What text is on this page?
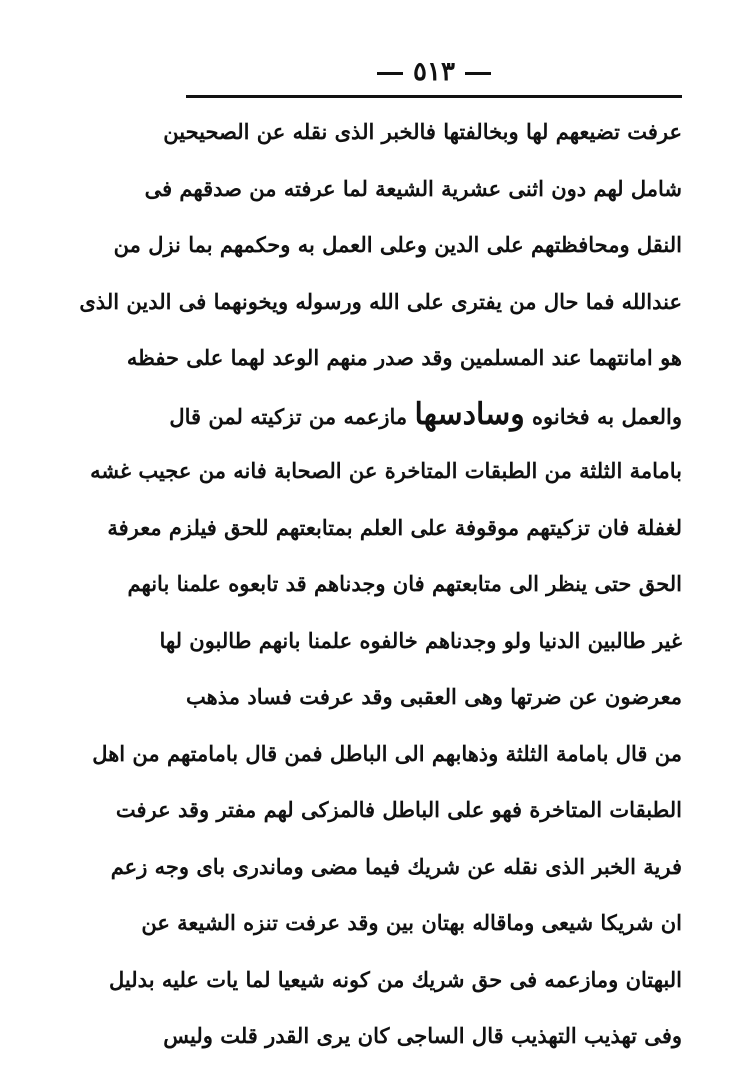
٥١٣
عرفت تضيعهم لها وبخالفتها فالخبر الذى نقله عن الصحيحين
شامل لهم دون اثنى عشرية الشيعة لما عرفته من صدقهم فى
النقل ومحافظتهم على الدين وعلى العمل به وحكمهم بما نزل من
عندالله فما حال من يفترى على الله ورسوله ويخونهما فى الدين الذى
هو امانتهما عند المسلمين وقد صدر منهم الوعد لهما على حفظه
والعمل به فخانوه وسادسها مازعمه من تزكيته لمن قال
بامامة الثلثة من الطبقات المتاخرة عن الصحابة فانه من عجيب غشه
لغفلة فان تزكيتهم موقوفة على العلم بمتابعتهم للحق فيلزم معرفة
الحق حتى ينظر الى متابعتهم فان وجدناهم قد تابعوه علمنا بانهم
غير طالبين الدنيا ولو وجدناهم خالفوه علمنا بانهم طالبون لها
معرضون عن ضرتها وهى العقبى وقد عرفت فساد مذهب
من قال بامامة الثلثة وذهابهم الى الباطل فمن قال بامامتهم من اهل
الطبقات المتاخرة فهو على الباطل فالمزكى لهم مفتر وقد عرفت
فرية الخبر الذى نقله عن شريك فيما مضى وماندرى باى وجه زعم
ان شريكا شيعى وماقاله بهتان بين وقد عرفت تنزه الشيعة عن
البهتان ومازعمه فى حق شريك من كونه شيعيا لما يات عليه بدليل
وفى تهذيب التهذيب قال الساجى كان يرى القدر قلت وليس
